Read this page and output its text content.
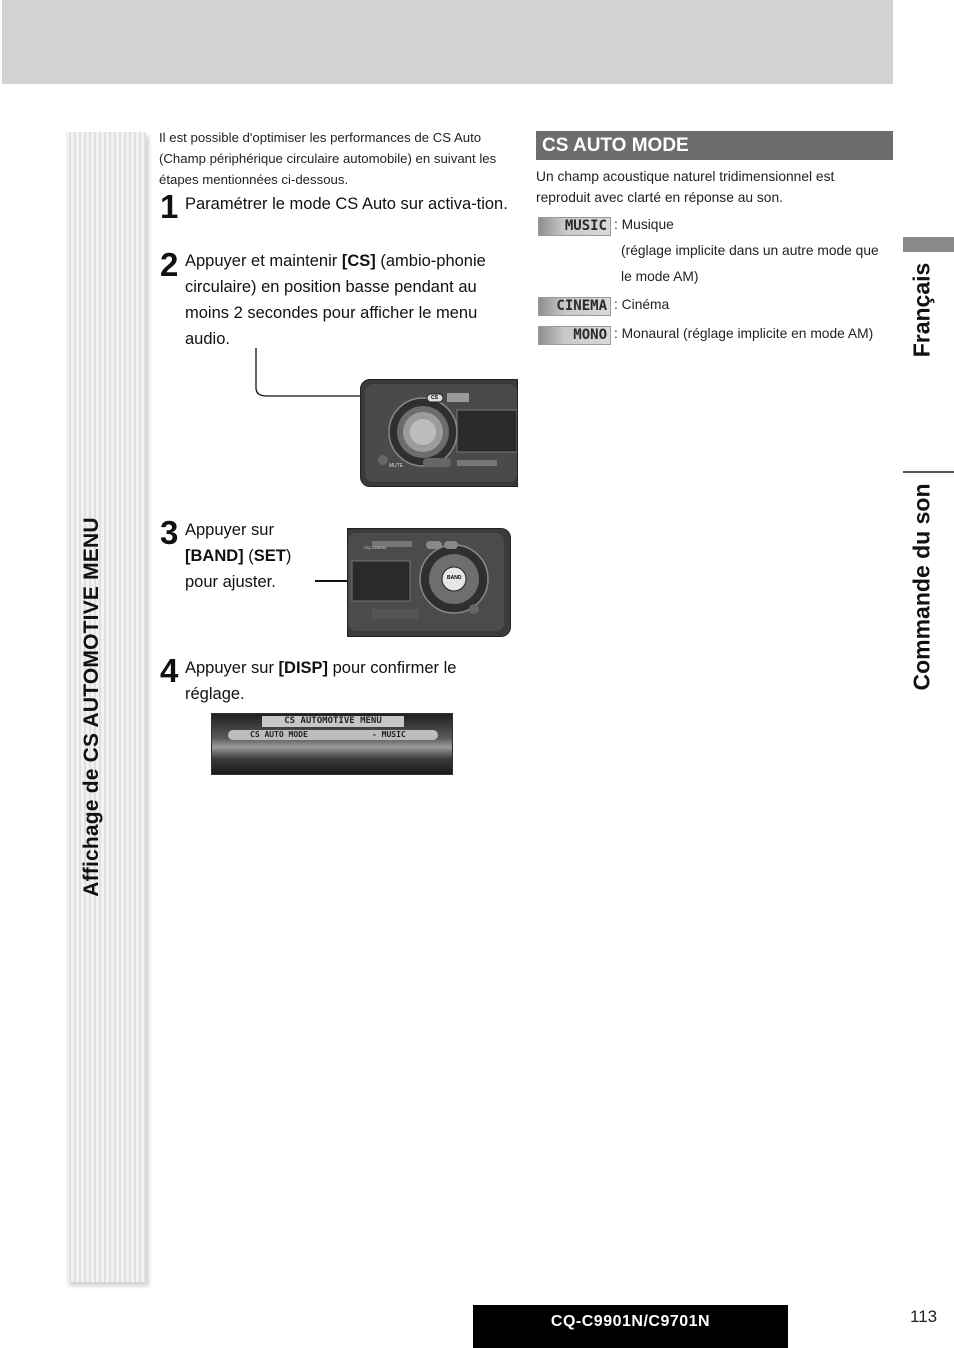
Affichage de CS AUTOMOTIVE MENU
Il est possible d'optimiser les performances de CS Auto (Champ périphérique circulaire automobile) en suivant les étapes mentionnées ci-dessous.
1 Paramétrer le mode CS Auto sur activa-tion.
2 Appuyer et maintenir [CS] (ambio-phonie circulaire) en position basse pendant au moins 2 secondes pour afficher le menu audio.
CS
MUTE
3 Appuyer sur [BAND] (SET)
pour ajuster.	BAND
CQ-C9901N
4 Appuyer sur [DISP] pour confirmer le réglage.
CS AUTOMOTIVE MENU
CS AUTO MODE	- MUSIC
CS AUTO MODE
Un champ acoustique naturel tridimensionnel est reproduit avec clarté en réponse au son.
MUSIC : Musique
(réglage implicite dans un autre mode que
le mode AM)
CINEMA : Cinéma
MONO : Monaural (réglage implicite en mode AM) Français
Commande du son
CQ-C9901N/C9701N	113
